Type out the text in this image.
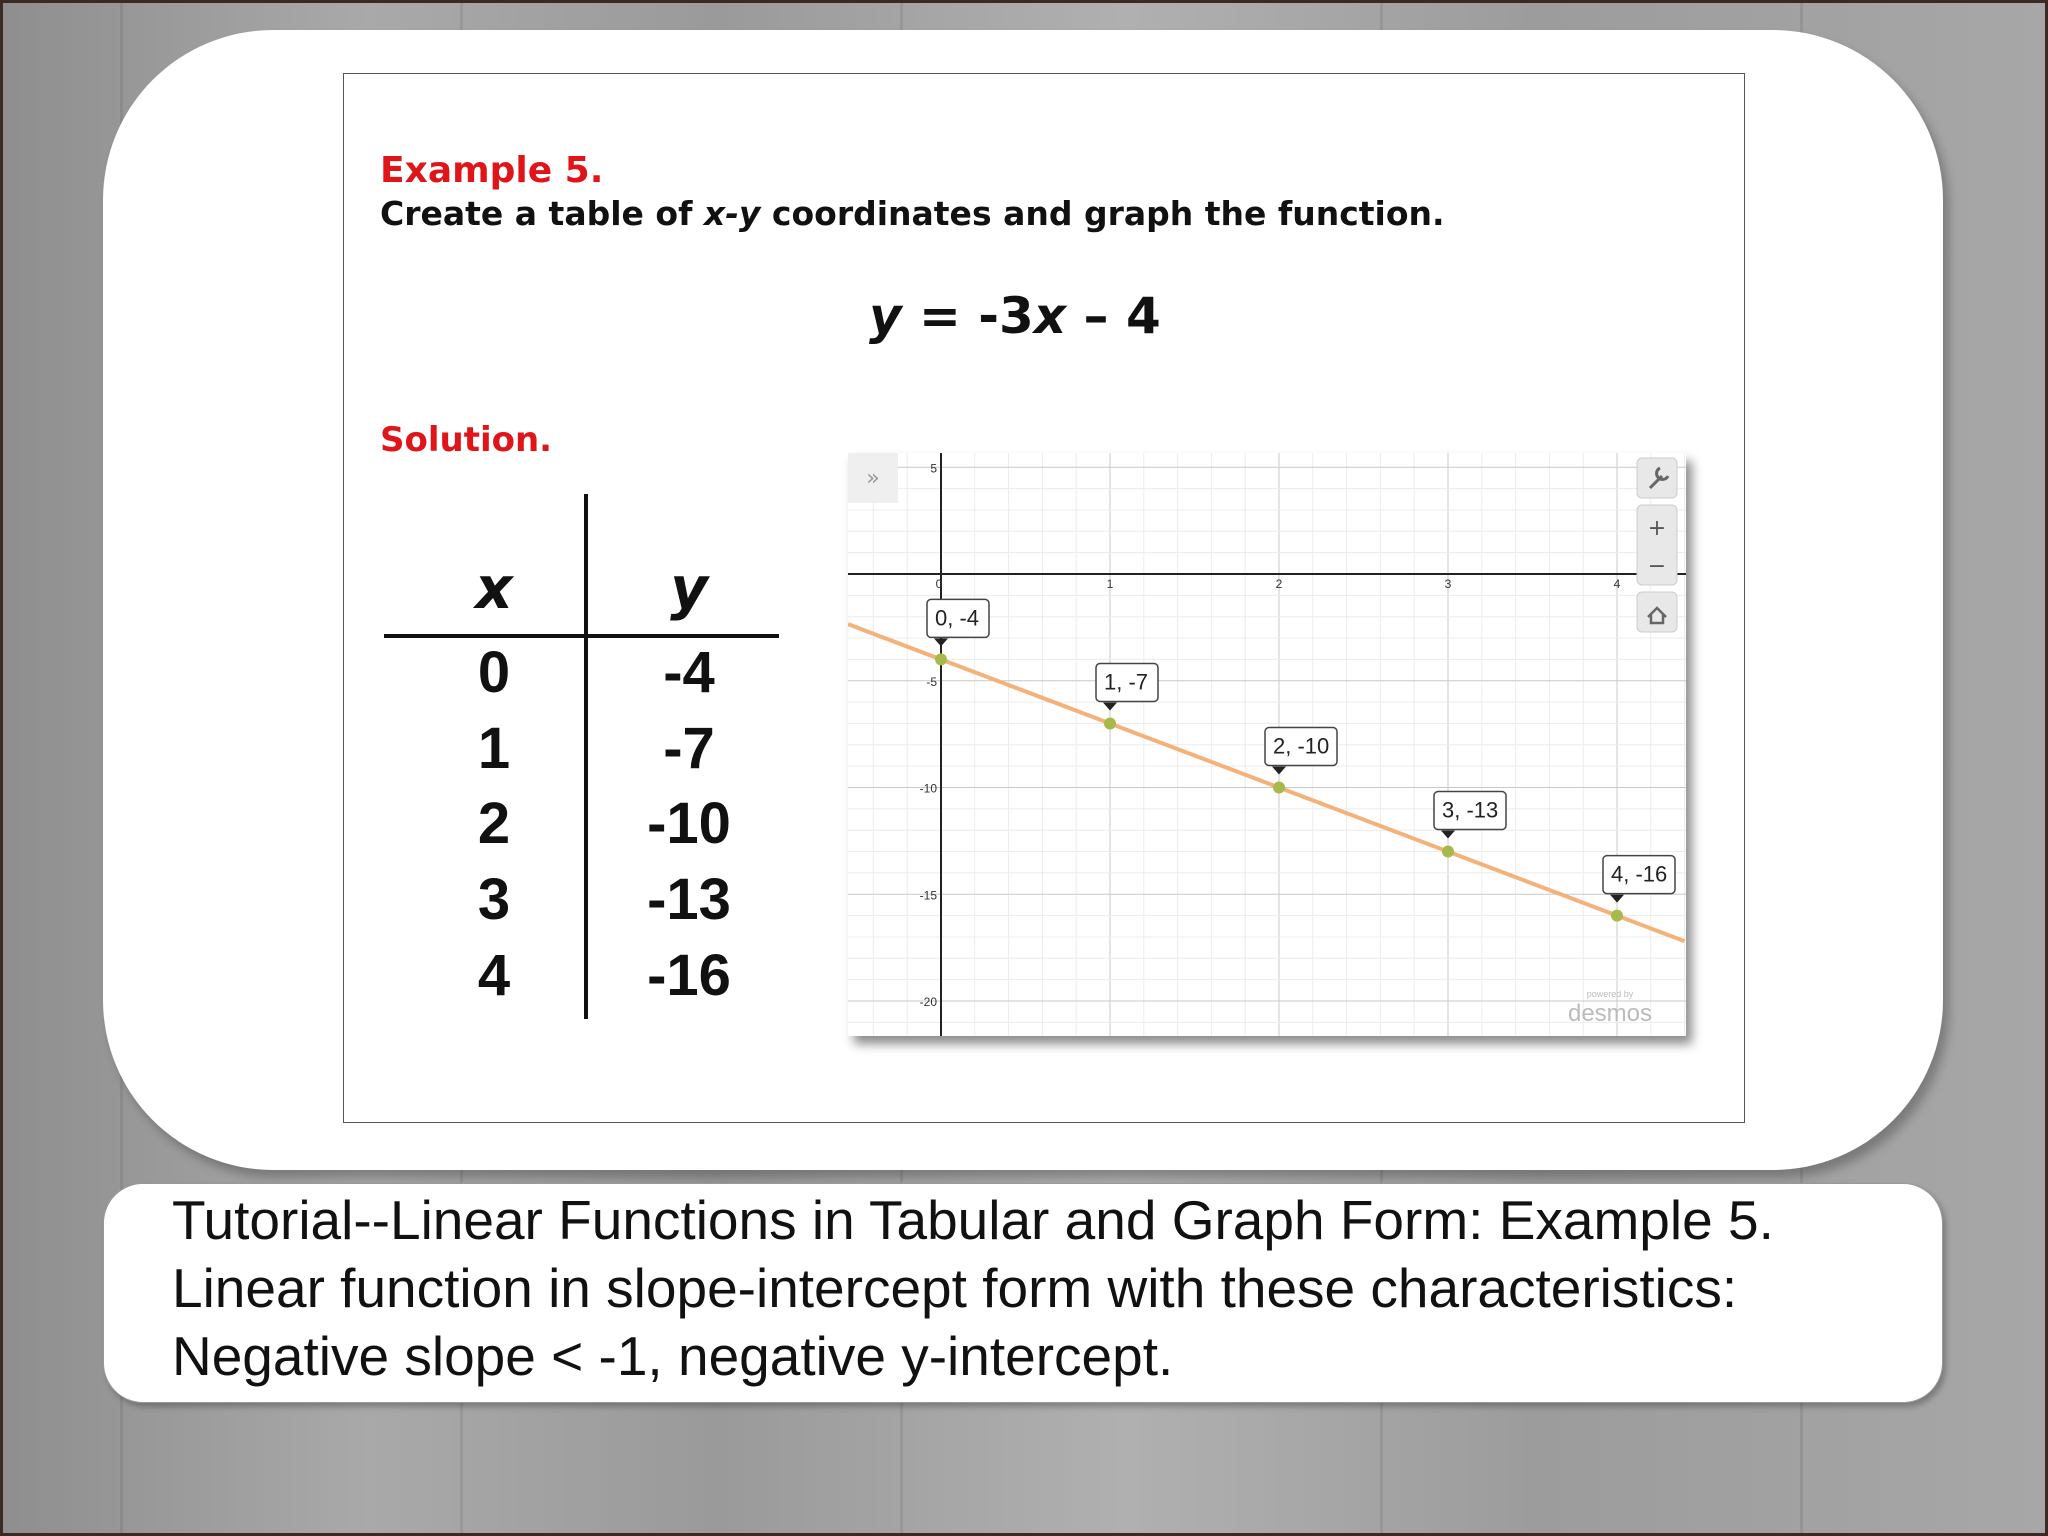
Example 5.
Create a table of x-y coordinates and graph the function.
y = -3x – 4
Solution.
x	y
0	-4
1	-7
2	-10
3	-13
4	-16
0	1	2	3	4
5
-5
-10
-15
-20
0, -4
1, -7
2, -10
3, -13
4, -16
»
+
−
powered by
desmos
Tutorial--Linear Functions in Tabular and Graph Form: Example 5.
Linear function in slope-intercept form with these characteristics:
Negative slope < -1, negative y-intercept.
